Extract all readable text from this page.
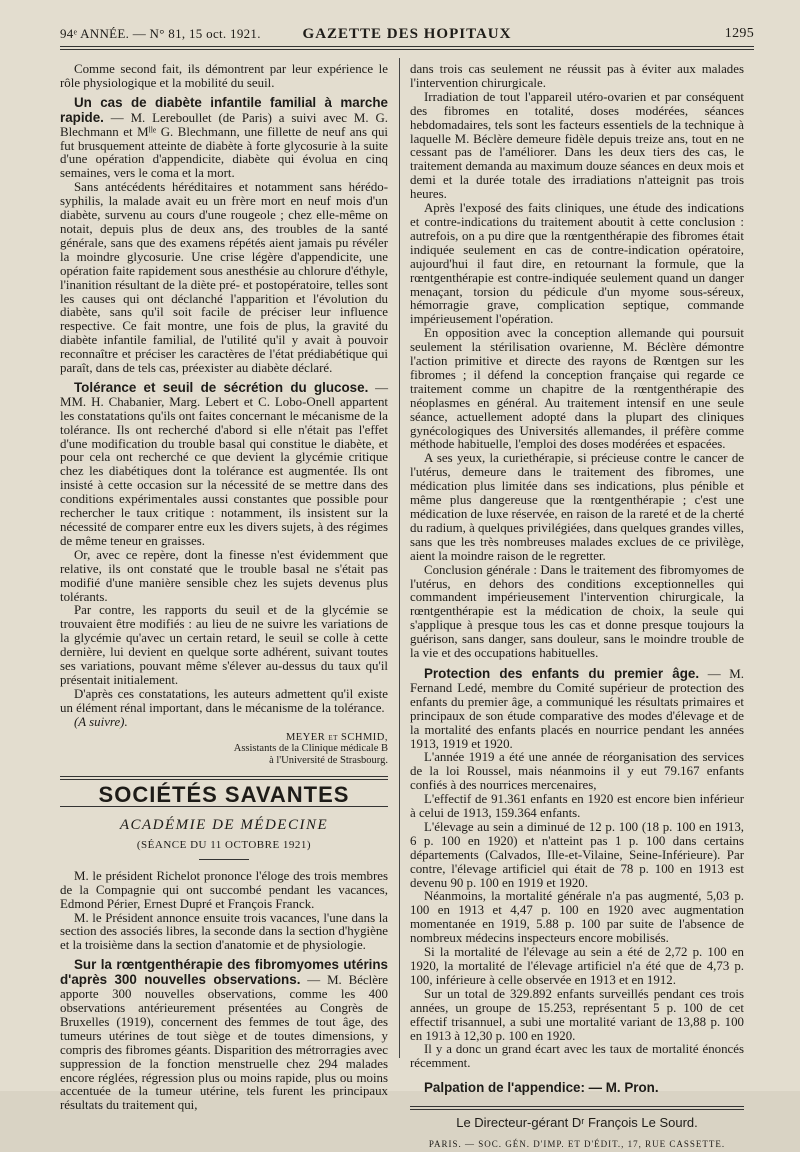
94ᵉ ANNÉE. — N° 81, 15 oct. 1921.	GAZETTE DES HOPITAUX	1295

Comme second fait, ils démontrent par leur expérience le rôle physiologique et la mobilité du seuil.

Un cas de diabète infantile familial à marche rapide. — M. Lereboullet (de Paris) a suivi avec M. G. Blechmann et Mˡˡᵉ G. Blechmann, une fillette de neuf ans qui fut brusquement atteinte de diabète à forte glycosurie à la suite d'une opération d'appendicite, diabète qui évolua en cinq semaines, vers le coma et la mort.

Sans antécédents héréditaires et notamment sans hérédo-syphilis, la malade avait eu un frère mort en neuf mois d'un diabète, survenu au cours d'une rougeole ; chez elle-même on notait, depuis plus de deux ans, des troubles de la santé générale, sans que des examens répétés aient jamais pu révéler la moindre glycosurie. Une crise légère d'appendicite, une opération faite rapidement sous anesthésie au chlorure d'éthyle, l'inanition résultant de la diète pré- et postopératoire, telles sont les causes qui ont déclanché l'apparition et l'évolution du diabète, sans qu'il soit facile de préciser leur influence respective. Ce fait montre, une fois de plus, la gravité du diabète infantile familial, de l'utilité qu'il y avait à pouvoir reconnaître et préciser les caractères de l'état prédiabétique qui paraît, dans de tels cas, préexister au diabète déclaré.

Tolérance et seuil de sécrétion du glucose. — MM. H. Chabanier, Marg. Lebert et C. Lobo-Onell appartent les constatations qu'ils ont faites concernant le mécanisme de la tolérance. Ils ont recherché d'abord si elle n'était pas l'effet d'une modification du trouble basal qui constitue le diabète, et pour cela ont recherché ce que devient la glycémie critique chez les diabétiques dont la tolérance est augmentée. Ils ont insisté à cette occasion sur la nécessité de se mettre dans des conditions expérimentales aussi constantes que possible pour rechercher le taux critique : notamment, ils insistent sur la nécessité de comparer entre eux les divers sujets, à des régimes de même teneur en graisses.

Or, avec ce repère, dont la finesse n'est évidemment que relative, ils ont constaté que le trouble basal ne s'était pas modifié d'une manière sensible chez les sujets devenus plus tolérants.

Par contre, les rapports du seuil et de la glycémie se trouvaient être modifiés : au lieu de ne suivre les variations de la glycémie qu'avec un certain retard, le seuil se colle à cette dernière, lui devient en quelque sorte adhérent, suivant toutes ses variations, pouvant même s'élever au-dessus du taux qu'il présentait initialement.

D'après ces constatations, les auteurs admettent qu'il existe un élément rénal important, dans le mécanisme de la tolérance.

(A suivre).

MEYER et SCHMID,
Assistants de la Clinique médicale B
à l'Université de Strasbourg.
SOCIÉTÉS SAVANTES
ACADÉMIE DE MÉDECINE
(SÉANCE DU 11 OCTOBRE 1921)

M. le président Richelot prononce l'éloge des trois membres de la Compagnie qui ont succombé pendant les vacances, Edmond Périer, Ernest Dupré et François Franck.

M. le Président annonce ensuite trois vacances, l'une dans la section des associés libres, la seconde dans la section d'hygiène et la troisième dans la section d'anatomie et de physiologie.

Sur la rœntgenthérapie des fibromyomes utérins d'après 300 nouvelles observations. — M. Béclère apporte 300 nouvelles observations, comme les 400 observations antérieurement présentées au Congrès de Bruxelles (1919), concernent des femmes de tout âge, des tumeurs utérines de tout siège et de toutes dimensions, y compris des fibromes géants. Disparition des métrorragies avec suppression de la fonction menstruelle chez 294 malades encore réglées, régression plus ou moins rapide, plus ou moins accentuée de la tumeur utérine, tels furent les principaux résultats du traitement qui,

dans trois cas seulement ne réussit pas à éviter aux malades l'intervention chirurgicale.

Irradiation de tout l'appareil utéro-ovarien et par conséquent des fibromes en totalité, doses modérées, séances hebdomadaires, tels sont les facteurs essentiels de la technique à laquelle M. Béclère demeure fidèle depuis treize ans, tout en ne cessant pas de l'améliorer. Dans les deux tiers des cas, le traitement demanda au maximum douze séances en deux mois et demi et la durée totale des irradiations n'atteignit pas trois heures.

Après l'exposé des faits cliniques, une étude des indications et contre-indications du traitement aboutit à cette conclusion : autrefois, on a pu dire que la rœntgenthérapie des fibromes était indiquée seulement en cas de contre-indication opératoire, aujourd'hui il faut dire, en retournant la formule, que la rœntgenthérapie est contre-indiquée seulement quand un danger menaçant, torsion du pédicule d'un myome sous-séreux, hémorragie grave, complication septique, commande impérieusement l'opération.

En opposition avec la conception allemande qui poursuit seulement la stérilisation ovarienne, M. Béclère démontre l'action primitive et directe des rayons de Rœntgen sur les fibromes ; il défend la conception française qui regarde ce traitement comme un chapitre de la rœntgenthérapie des néoplasmes en général. Au traitement intensif en une seule séance, actuellement adopté dans la plupart des cliniques gynécologiques des Universités allemandes, il préfère comme méthode habituelle, l'emploi des doses modérées et espacées.

A ses yeux, la curiethérapie, si précieuse contre le cancer de l'utérus, demeure dans le traitement des fibromes, une médication plus limitée dans ses indications, plus pénible et même plus dangereuse que la rœntgenthérapie ; c'est une médication de luxe réservée, en raison de la rareté et de la cherté du radium, à quelques privilégiées, dans quelques grandes villes, sans que les très nombreuses malades exclues de ce privilège, aient la moindre raison de le regretter.

Conclusion générale : Dans le traitement des fibromyomes de l'utérus, en dehors des conditions exceptionnelles qui commandent impérieusement l'intervention chirurgicale, la rœntgenthérapie est la médication de choix, la seule qui s'applique à presque tous les cas et donne presque toujours la guérison, sans danger, sans douleur, sans le moindre trouble de la vie et des occupations habituelles.

Protection des enfants du premier âge. — M. Fernand Ledé, membre du Comité supérieur de protection des enfants du premier âge, a communiqué les résultats primaires et principaux de son étude comparative des modes d'élevage et de la mortalité des enfants placés en nourrice pendant les années 1913, 1919 et 1920.

L'année 1919 a été une année de réorganisation des services de la loi Roussel, mais néanmoins il y eut 79.167 enfants confiés à des nourrices mercenaires,

L'effectif de 91.361 enfants en 1920 est encore bien inférieur à celui de 1913, 159.364 enfants.

L'élevage au sein a diminué de 12 p. 100 (18 p. 100 en 1913, 6 p. 100 en 1920) et n'atteint pas 1 p. 100 dans certains départements (Calvados, Ille-et-Vilaine, Seine-Inférieure). Par contre, l'élevage artificiel qui était de 78 p. 100 en 1913 est devenu 90 p. 100 en 1919 et 1920.

Néanmoins, la mortalité générale n'a pas augmenté, 5,03 p. 100 en 1913 et 4,47 p. 100 en 1920 avec augmentation momentanée en 1919, 5.88 p. 100 par suite de l'absence de nombreux médecins inspecteurs encore mobilisés.

Si la mortalité de l'élevage au sein a été de 2,72 p. 100 en 1920, la mortalité de l'élevage artificiel n'a été que de 4,73 p. 100, inférieure à celle observée en 1913 et en 1912.

Sur un total de 329.892 enfants surveillés pendant ces trois années, un groupe de 15.253, représentant 5 p. 100 de cet effectif trisannuel, a subi une mortalité variant de 13,88 p. 100 en 1913 à 12,30 p. 100 en 1920.

Il y a donc un grand écart avec les taux de mortalité énoncés récemment.

Palpation de l'appendice: — M. Pron.

Le Directeur-gérant Dʳ François Le Sourd.
PARIS. — SOC. GÉN. D'IMP. ET D'ÉDIT., 17, RUE CASSETTE.
